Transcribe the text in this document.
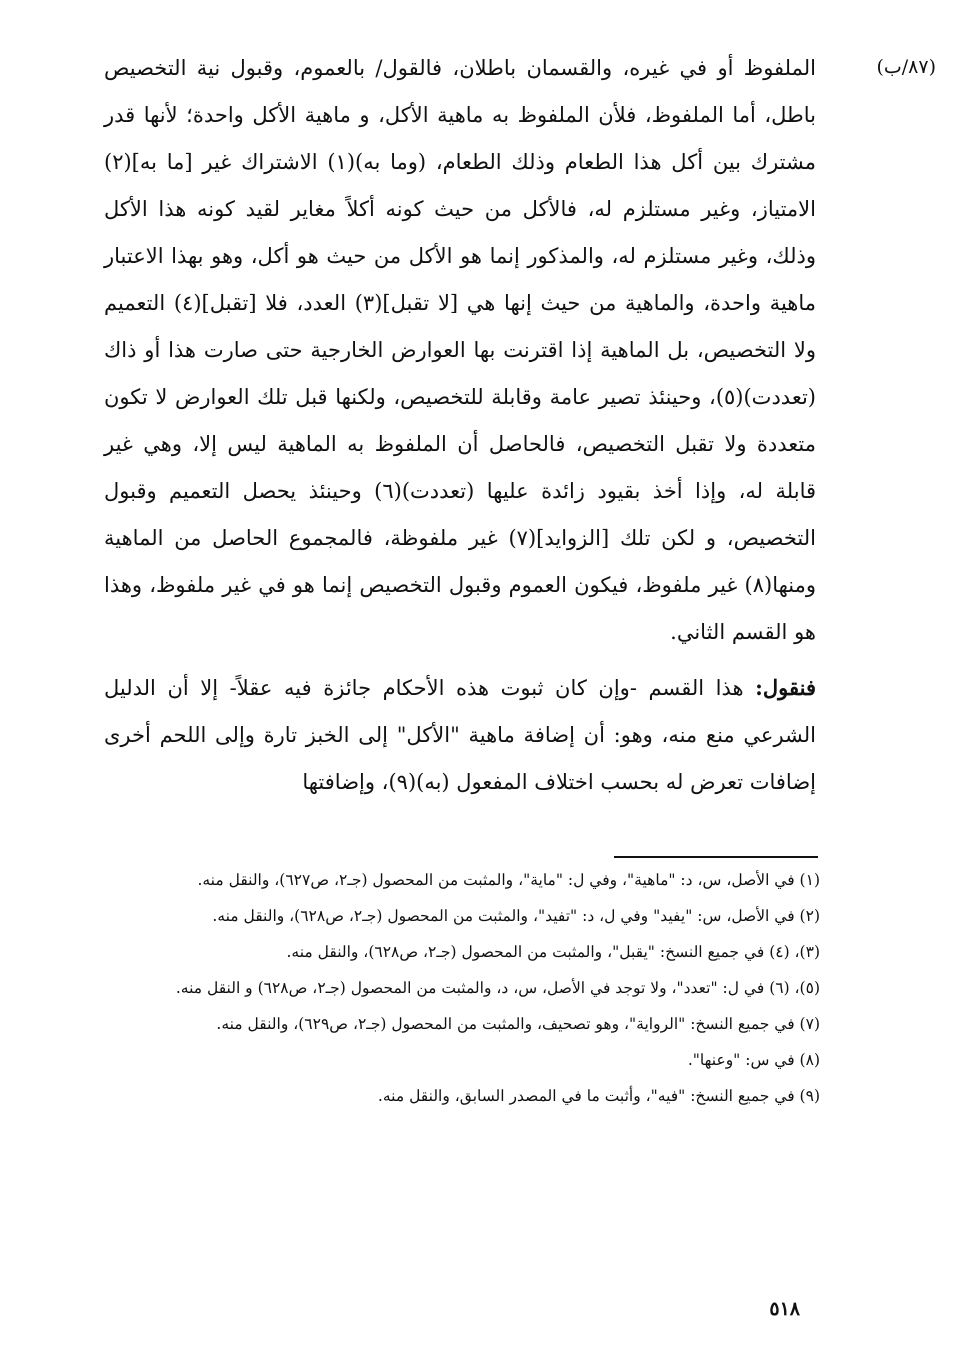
(٨٧/ب)

الملفوظ أو في غيره، والقسمان باطلان، فالقول/ بالعموم، وقبول نية التخصيص باطل، أما الملفوظ، فلأن الملفوظ به ماهية الأكل، و ماهية الأكل واحدة؛ لأنها قدر مشترك بين أكل هذا الطعام وذلك الطعام، (وما به)(١) الاشتراك غير [ما به](٢) الامتياز، وغير مستلزم له، فالأكل من حيث كونه أكلاً مغاير لقيد كونه هذا الأكل وذلك، وغير مستلزم له، والمذكور إنما هو الأكل من حيث هو أكل، وهو بهذا الاعتبار ماهية واحدة، والماهية من حيث إنها هي [لا تقبل](٣) العدد، فلا [تقبل](٤) التعميم ولا التخصيص، بل الماهية إذا اقترنت بها العوارض الخارجية حتى صارت هذا أو ذاك (تعددت)(٥)، وحينئذ تصير عامة وقابلة للتخصيص، ولكنها قبل تلك العوارض لا تكون متعددة ولا تقبل التخصيص، فالحاصل أن الملفوظ به الماهية ليس إلا، وهي غير قابلة له، وإذا أخذ بقيود زائدة عليها (تعددت)(٦) وحينئذ يحصل التعميم وقبول التخصيص، و لكن تلك [الزوايد](٧) غير ملفوظة، فالمجموع الحاصل من الماهية ومنها(٨) غير ملفوظ، فيكون العموم وقبول التخصيص إنما هو في غير ملفوظ، وهذا هو القسم الثاني.

فنقول: هذا القسم -وإن كان ثبوت هذه الأحكام جائزة فيه عقلاً- إلا أن الدليل الشرعي منع منه، وهو: أن إضافة ماهية "الأكل" إلى الخبز تارة وإلى اللحم أخرى إضافات تعرض له بحسب اختلاف المفعول (به)(٩)، وإضافتها

(١) في الأصل، س، د: "ماهية"، وفي ل: "ماية"، والمثبت من المحصول (جـ٢، ص٦٢٧)، والنقل منه.
(٢) في الأصل، س: "يفيد" وفي ل، د: "تفيد"، والمثبت من المحصول (جـ٢، ص٦٢٨)، والنقل منه.
(٣)، (٤) في جميع النسخ: "يقبل"، والمثبت من المحصول (جـ٢، ص٦٢٨)، والنقل منه.
(٥)، (٦) في ل: "تعدد"، ولا توجد في الأصل، س، د، والمثبت من المحصول (جـ٢، ص٦٢٨) و النقل منه.
(٧) في جميع النسخ: "الرواية"، وهو تصحيف، والمثبت من المحصول (جـ٢، ص٦٢٩)، والنقل منه.
(٨) في س: "وعنها".
(٩) في جميع النسخ: "فيه"، وأثبت ما في المصدر السابق، والنقل منه.
٥١٨
